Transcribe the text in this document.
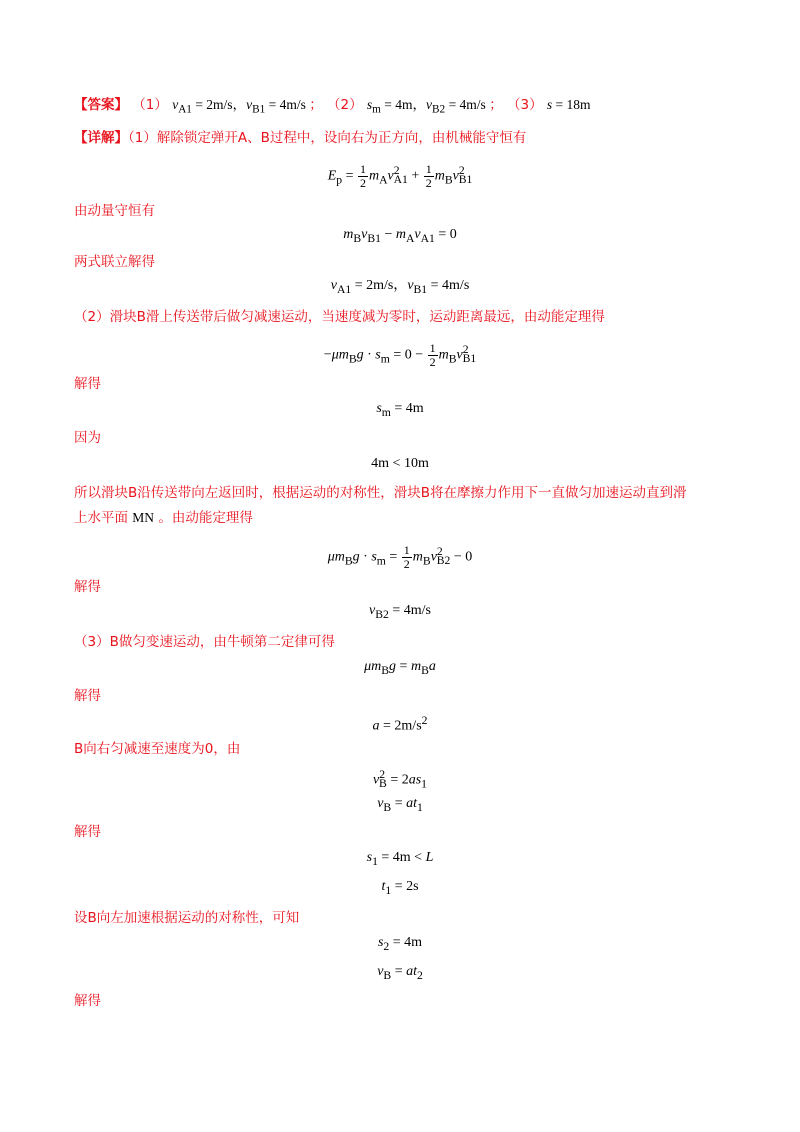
【答案】 （1） $v_{A1} = 2m/s$，$v_{B1} = 4m/s$ ； （2） $s_m = 4m$，$v_{B2} = 4m/s$ ； （3） s = 18m
【详解】（1）解除锁定弹开A、B过程中，设向右为正方向，由机械能守恒有
$E_p = \frac{1}{2} m_Av^2_{A1} + \frac{1}{2} m_Bv^2_{B1}$
由动量守恒有
$m_Bv_{B1} - m_Av_{A1} = 0$
两式联立解得
$v_{A1} = 2m/s$，$v_{B1} = 4m/s$
（2）滑块B滑上传送带后做匀减速运动，当速度减为零时，运动距离最远，由动能定理得
$-\mu m_Bg \cdot s_m = 0 - \frac{1}{2} m_Bv^2_{B1}$
解得
$s_m = 4m$
因为
4m < 10m
所以滑块B沿传送带向左返回时，根据运动的对称性，滑块B将在摩擦力作用下一直做匀加速运动直到滑
上水平面 MN 。由动能定理得
$\mu m_Bg \cdot s_m = \frac{1}{2} m_Bv^2_{B2} - 0$
解得
$v_{B2} = 4m/s$
（3）B做匀变速运动，由牛顿第二定律可得
$\mu m_Bg = m_Ba$
解得
$a = 2m/s^2$
B向右匀减速至速度为0，由
$v^2_B = 2as_1$
$v_B = at_1$
解得
$s_1 = 4m < L$
$t_1 = 2s$
设B向左加速根据运动的对称性，可知
$s_2 = 4m$
$v_B = at_2$
解得
